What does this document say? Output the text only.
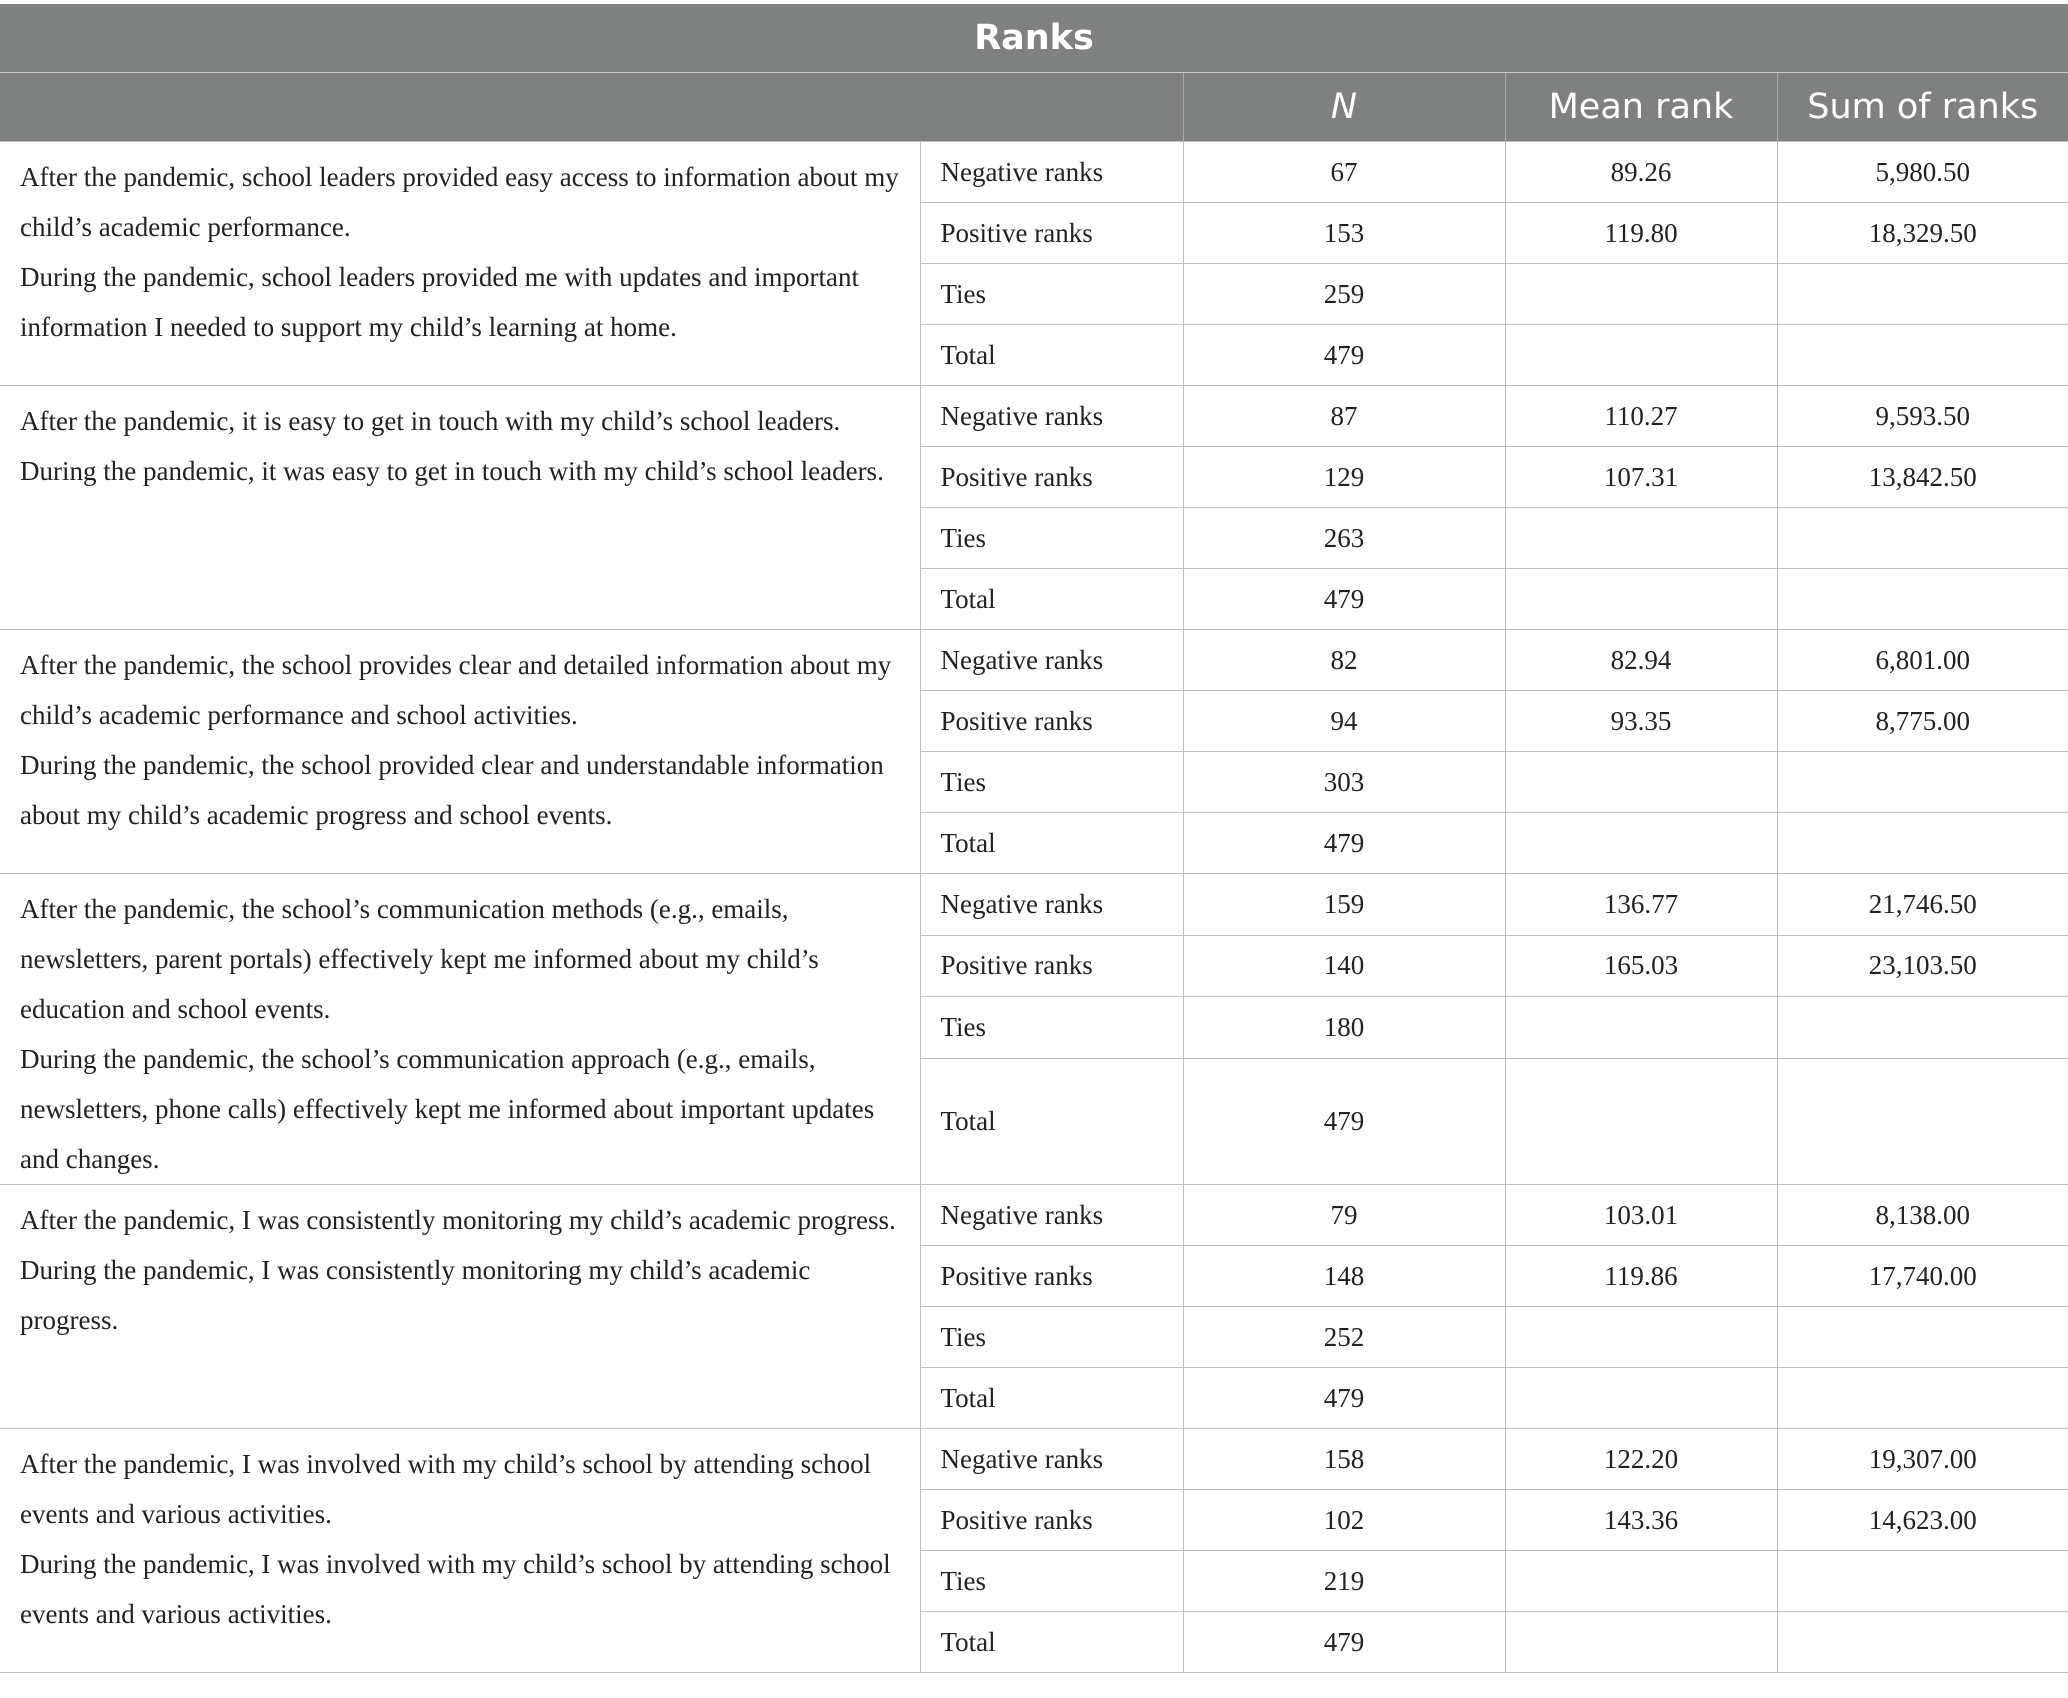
Ranks				
		N	Mean rank	Sum of ranks

After the pandemic, school leaders provided easy access to information about my child’s academic performance.
During the pandemic, school leaders provided me with updates and important information I needed to support my child’s learning at home.	Negative ranks	67	89.26	5,980.50
	Positive ranks	153	119.80	18,329.50
	Ties	259		
	Total	479		

After the pandemic, it is easy to get in touch with my child’s school leaders.
During the pandemic, it was easy to get in touch with my child’s school leaders.	Negative ranks	87	110.27	9,593.50
	Positive ranks	129	107.31	13,842.50
	Ties	263		
	Total	479		

After the pandemic, the school provides clear and detailed information about my child’s academic performance and school activities.
During the pandemic, the school provided clear and understandable information about my child’s academic progress and school events.	Negative ranks	82	82.94	6,801.00
	Positive ranks	94	93.35	8,775.00
	Ties	303		
	Total	479		

After the pandemic, the school’s communication methods (e.g., emails, newsletters, parent portals) effectively kept me informed about my child’s education and school events.
During the pandemic, the school’s communication approach (e.g., emails, newsletters, phone calls) effectively kept me informed about important updates and changes.	Negative ranks	159	136.77	21,746.50
	Positive ranks	140	165.03	23,103.50
	Ties	180		
	Total	479		

After the pandemic, I was consistently monitoring my child’s academic progress.
During the pandemic, I was consistently monitoring my child’s academic progress.	Negative ranks	79	103.01	8,138.00
	Positive ranks	148	119.86	17,740.00
	Ties	252		
	Total	479		

After the pandemic, I was involved with my child’s school by attending school events and various activities.
During the pandemic, I was involved with my child’s school by attending school events and various activities.	Negative ranks	158	122.20	19,307.00
	Positive ranks	102	143.36	14,623.00
	Ties	219		
	Total	479		
